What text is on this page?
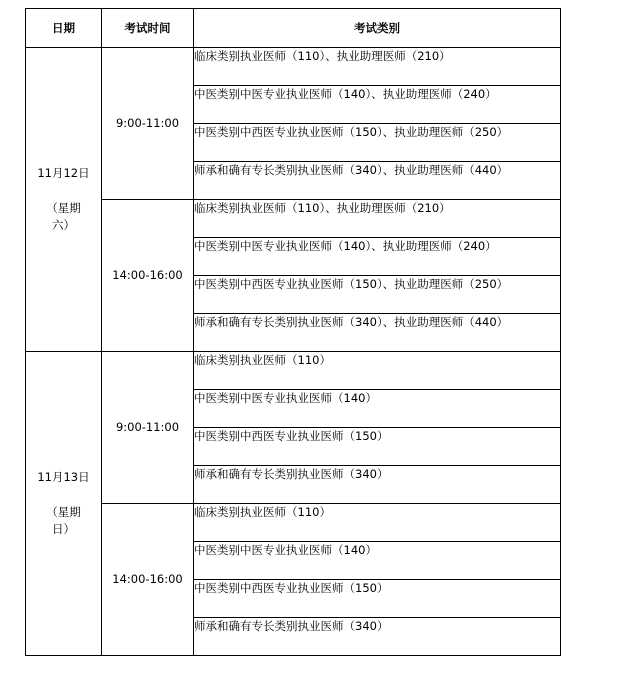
日期	考试时间	考试类别

11月12日
（星期
六）	9:00-11:00	临床类别执业医师（110）、执业助理医师（210）
		中医类别中医专业执业医师（140）、执业助理医师（240）
		中医类别中西医专业执业医师（150）、执业助理医师（250）
		师承和确有专长类别执业医师（340）、执业助理医师（440）
	14:00-16:00	临床类别执业医师（110）、执业助理医师（210）
		中医类别中医专业执业医师（140）、执业助理医师（240）
		中医类别中西医专业执业医师（150）、执业助理医师（250）
		师承和确有专长类别执业医师（340）、执业助理医师（440）

11月13日
（星期
日）	9:00-11:00	临床类别执业医师（110）
		中医类别中医专业执业医师（140）
		中医类别中西医专业执业医师（150）
		师承和确有专长类别执业医师（340）
	14:00-16:00	临床类别执业医师（110）
		中医类别中医专业执业医师（140）
		中医类别中西医专业执业医师（150）
		师承和确有专长类别执业医师（340）
